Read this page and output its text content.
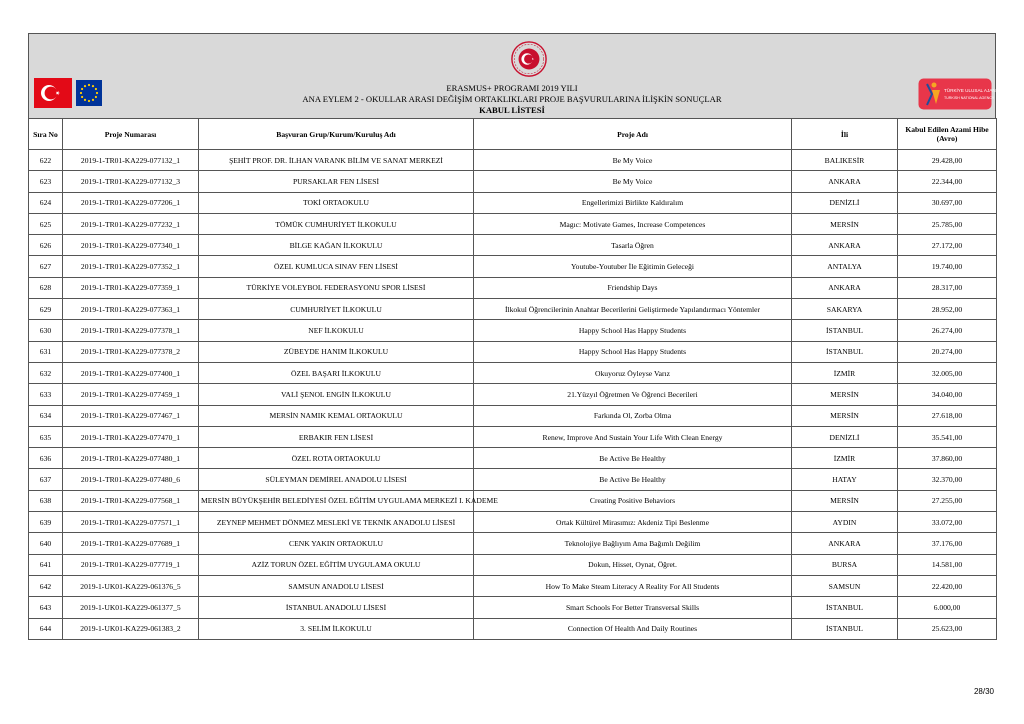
TÜRKİYE ULUSAL AJANSI
TURKISH NATIONAL AGENCY
ERASMUS+ PROGRAMI 2019 YILI
ANA EYLEM 2 - OKULLAR ARASI DEĞİŞİM ORTAKLIKLARI PROJE BAŞVURULARINA İLİŞKİN SONUÇLAR
KABUL LİSTESİ
Sıra No	Proje Numarası	Başvuran Grup/Kurum/Kuruluş Adı	Proje Adı	İli	Kabul Edilen Azami Hibe (Avro)
622	2019-1-TR01-KA229-077132_1	ŞEHİT PROF. DR. İLHAN VARANK BİLİM VE SANAT MERKEZİ	Be My Voice	BALIKESİR	29.428,00
623	2019-1-TR01-KA229-077132_3	PURSAKLAR FEN LİSESİ	Be My Voice	ANKARA	22.344,00
624	2019-1-TR01-KA229-077206_1	TOKİ ORTAOKULU	Engellerimizi Birlikte Kaldıralım	DENİZLİ	30.697,00
625	2019-1-TR01-KA229-077232_1	TÖMÜK CUMHURİYET İLKOKULU	Magıc: Motivate Games, Increase Competences	MERSİN	25.785,00
626	2019-1-TR01-KA229-077340_1	BİLGE KAĞAN İLKOKULU	Tasarla Öğren	ANKARA	27.172,00
627	2019-1-TR01-KA229-077352_1	ÖZEL KUMLUCA SINAV FEN LİSESİ	Youtube-Youtuber İle Eğitimin Geleceği	ANTALYA	19.740,00
628	2019-1-TR01-KA229-077359_1	TÜRKİYE VOLEYBOL FEDERASYONU SPOR LİSESİ	Friendship Days	ANKARA	28.317,00
629	2019-1-TR01-KA229-077363_1	CUMHURİYET İLKOKULU	İlkokul Öğrencilerinin Anahtar Becerilerini Geliştirmede Yapılandırmacı Yöntemler	SAKARYA	28.952,00
630	2019-1-TR01-KA229-077378_1	NEF İLKOKULU	Happy School Has Happy Students	İSTANBUL	26.274,00
631	2019-1-TR01-KA229-077378_2	ZÜBEYDE HANIM İLKOKULU	Happy School Has Happy Students	İSTANBUL	20.274,00
632	2019-1-TR01-KA229-077400_1	ÖZEL BAŞARI İLKOKULU	Okuyoruz Öyleyse Varız	İZMİR	32.005,00
633	2019-1-TR01-KA229-077459_1	VALİ ŞENOL ENGİN İLKOKULU	21.Yüzyıl Öğretmen Ve Öğrenci Becerileri	MERSİN	34.040,00
634	2019-1-TR01-KA229-077467_1	MERSİN NAMIK KEMAL ORTAOKULU	Farkında Ol, Zorba Olma	MERSİN	27.618,00
635	2019-1-TR01-KA229-077470_1	ERBAKIR FEN LİSESİ	Renew, Improve And Sustain Your Life With Clean Energy	DENİZLİ	35.541,00
636	2019-1-TR01-KA229-077480_1	ÖZEL ROTA ORTAOKULU	Be Active Be Healthy	İZMİR	37.860,00
637	2019-1-TR01-KA229-077480_6	SÜLEYMAN DEMİREL ANADOLU LİSESİ	Be Active Be Healthy	HATAY	32.370,00
638	2019-1-TR01-KA229-077568_1	MERSİN BÜYÜKŞEHİR BELEDİYESİ ÖZEL EĞİTİM UYGULAMA MERKEZİ I. KADEME	Creating Positive Behaviors	MERSİN	27.255,00
639	2019-1-TR01-KA229-077571_1	ZEYNEP MEHMET DÖNMEZ MESLEKİ VE TEKNİK ANADOLU LİSESİ	Ortak Kültürel Mirasımız: Akdeniz Tipi Beslenme	AYDIN	33.072,00
640	2019-1-TR01-KA229-077689_1	CENK YAKIN ORTAOKULU	Teknolojiye Bağlıyım Ama Bağımlı Değilim	ANKARA	37.176,00
641	2019-1-TR01-KA229-077719_1	AZİZ TORUN ÖZEL EĞİTİM UYGULAMA OKULU	Dokun, Hisset, Oynat, Öğret.	BURSA	14.581,00
642	2019-1-UK01-KA229-061376_5	SAMSUN ANADOLU LİSESİ	How To Make Steam Literacy A Reality For All Students	SAMSUN	22.420,00
643	2019-1-UK01-KA229-061377_5	İSTANBUL ANADOLU LİSESİ	Smart Schools For Better Transversal Skills	İSTANBUL	6.000,00
644	2019-1-UK01-KA229-061383_2	3. SELİM İLKOKULU	Connection Of Health And Daily Routines	İSTANBUL	25.623,00
28/30
